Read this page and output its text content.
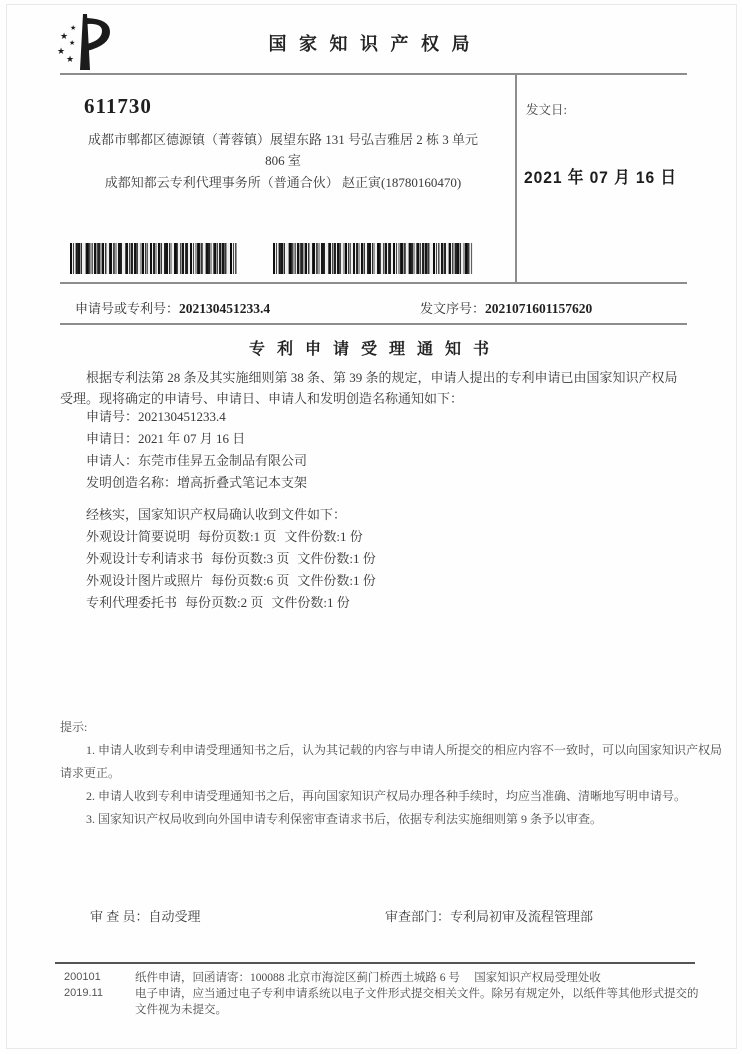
★
★
★
★
★
国 家 知 识 产 权 局
611730
成都市郫都区德源镇（菁蓉镇）展望东路 131 号弘吉雅居 2 栋 3 单元
806 室
成都知都云专利代理事务所（普通合伙） 赵正寅(18780160470)
发文日:
2021 年 07 月 16 日
申请号或专利号：202130451233.4	发文序号：2021071601157620
专 利 申 请 受 理 通 知 书
根据专利法第 28 条及其实施细则第 38 条、第 39 条的规定，申请人提出的专利申请已由国家知识产权局
受理。现将确定的申请号、申请日、申请人和发明创造名称通知如下：
申请号：202130451233.4
申请日：2021 年 07 月 16 日
申请人：东莞市佳昇五金制品有限公司
发明创造名称：增高折叠式笔记本支架
经核实，国家知识产权局确认收到文件如下：
外观设计简要说明 每份页数:1 页 文件份数:1 份
外观设计专利请求书 每份页数:3 页 文件份数:1 份
外观设计图片或照片 每份页数:6 页 文件份数:1 份
专利代理委托书 每份页数:2 页 文件份数:1 份
提示:
1. 申请人收到专利申请受理通知书之后，认为其记载的内容与申请人所提交的相应内容不一致时，可以向国家知识产权局
请求更正。
2. 申请人收到专利申请受理通知书之后，再向国家知识产权局办理各种手续时，均应当准确、清晰地写明申请号。
3. 国家知识产权局收到向外国申请专利保密审查请求书后，依据专利法实施细则第 9 条予以审查。
审 查 员：自动受理	审查部门：专利局初审及流程管理部
200101
2019.11
纸件申请，回函请寄：100088 北京市海淀区蓟门桥西土城路 6 号　 国家知识产权局受理处收
电子申请，应当通过电子专利申请系统以电子文件形式提交相关文件。除另有规定外，以纸件等其他形式提交的
文件视为未提交。
